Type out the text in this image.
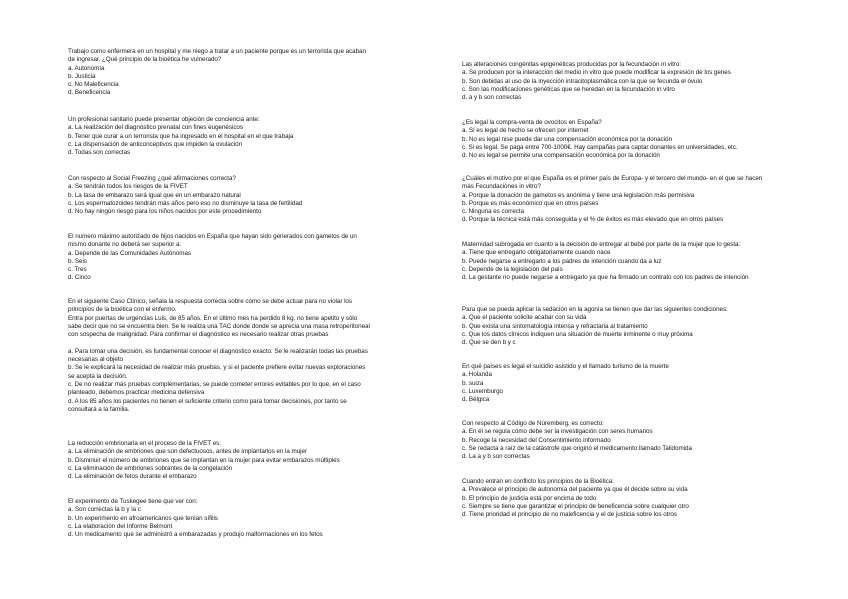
Trabajo como enfermera en un hospital y me niego a tratar a un paciente porque es un terrorista que acaban
de ingresar. ¿Qué principio de la bioética he vulnerado?
a. Autonomía
b. Justicia
c. No Maleficencia
d. Beneficencia
Un profesional sanitario puede presentar objeción de conciencia ante:
a. La realización del diagnóstico prenatal con fines eugenésicos
b. Tener que curar a un terrorista que ha ingresado en el hospital en el que trabaja
c. La dispensación de anticonceptivos que impiden la ovulación
d. Todas son correctas
Con respecto al Social Freezing ¿qué afirmaciones correcta?
a. Se tendrán todos los riesgos de la FIVET
b. La tasa de embarazo será igual que en un embarazo natural
c. Los espermatozoides tendrán más años pero eso no disminuye la tasa de fertilidad
d. No hay ningún riesgo para los niños nacidos por este procedimiento
El numero máximo autorizado de hijos nacidos en España que hayan sido generados con gametos de un
mismo donante no deberá ser superior a:
a. Depende de las Comunidades Autónomas
b. Seis
c. Tres
d. Cinco
En el siguiente Caso Clínico, señala la respuesta correcta sobre cómo se debe actuar para no violar los
principios de la bioética con el enfermo.
Entra por puertas de urgencias Luis, de 85 años. En el último mes ha perdido 8 kg, no tiene apetito y sólo
sabe decir que no se encuentra bien. Se le realiza una TAC donde donde se aprecia una masa retroperitoneal
con sospecha de malignidad. Para confirmar el diagnóstico es necesario realizar otras pruebas
a. Para tomar una decisión, es fundamental conocer el diagnóstico exacto. Se le realizarán todas las pruebas
necesarias al objeto
b. Se le explicará la necesidad de realizar más pruebas, y si el paciente prefiere evitar nuevas exploraciones
se acepta la decisión.
c. De no realizar más pruebas complementarias, se puede cometer errores evitables por lo que, en el caso
planteado, debemos practicar medicina defensiva
d. A los 85 años los pacientes no tienen el suficiente criterio como para tomar decisiones, por tanto se
consultará a la familia.
La reducción embrionaria en el proceso de la FIVET es:
a. La eliminación de embriones que son defectuosos, antes de implantarlos en la mujer
b. Disminuir el número de embriones que se implantan en la mujer para evitar embarazos múltiples
c. La eliminación de embriones sobrantes de la congelación
d. La eliminación de fetos durante el embarazo
El experimento de Tuskegee tiene que ver con:
a. Son correctas la b y la c
b. Un experimento en afroamericanos que tenían sífilis
c. La elaboración del Informe Belmont
d. Un medicamento que se administró a embarazadas y produjo malformaciones en los fetos
Las alteraciones congénitas epigenéticas producidas por la fecundación in vitro:
a. Se producen por la interacción del medio in vitro que puede modificar la expresión de los genes
b. Son debidas al uso de la inyección intracitoplasmática con la que se fecunda el óvulo
c. Son las modificaciones genéticas que se heredan en la fecundación in vitro
d. a y b son correctas
¿Es legal la compra-venta de ovocitos en España?
a. Sí es legal de hecho se ofrecen por internet
b. No es legal nise puede dar una compensación económica por la donación
c. Si es legal. Se paga entre 700-1000€. Hay campañas para captar donantes en universidades, etc.
d. No es legal se permite una compensación económica por la donación
¿Cuáles el motivo por el que España es el primer país de Europa- y el tercero del mundo- en el que se hacen
más Fecundaciones in vitro?
a. Porque la donación de gametos es anónima y tiene una legislación más permisiva
b. Porque es más económico que en otros países
c. Ninguna es correcta
d. Porque la técnica está más conseguida y el % de éxitos es más elevado que en otros países
Maternidad subrogada en cuanto a la decisión de entregar al bebé por parte de la mujer que lo gesta:
a. Tiene que entregarlo obligatoriamente cuando nace
b. Puede negarse a entregarlo a los padres de intención cuando da a luz
c. Depende de la legislación del país
d. La gestante no puede negarse a entregarlo ya que ha firmado un contrato con los padres de intención
Para que se pueda aplicar la sedación en la agonía se tienen que dar las siguientes condiciones:
a. Que el paciente solicite acabar con su vida
b. Que exista una sintomatología intensa y refractaria al tratamiento
c. Que los datos clínicos indiquen una situación de muerte inminente o muy próxima
d. Que se den b y c
En qué países es legal el suicidio asistido y el llamado turismo de la muerte
a. Holanda
b. suiza
c. Luxemburgo
d. Bélgica
Con respecto al Código de Núremberg, es correcto:
a. En él se regula cómo debe ser la investigación con seres humanos
b. Recoge la necesidad del Consentimiento informado
c. Se redacta a raíz de la catástrofe que originó el medicamento llamado Talidomida
d. La a y b son correctas
Cuando entran en conflicto los principios de la Bioética:
a. Prevalece el principio de autonomía del paciente ya que él decide sobre su vida
b. El principio de justicia está por encima de todo
c. Siempre se tiene que garantizar el principio de beneficencia sobre cualquier otro
d. Tiene prioridad el principio de no maleficencia y el de justicia sobre los otros
